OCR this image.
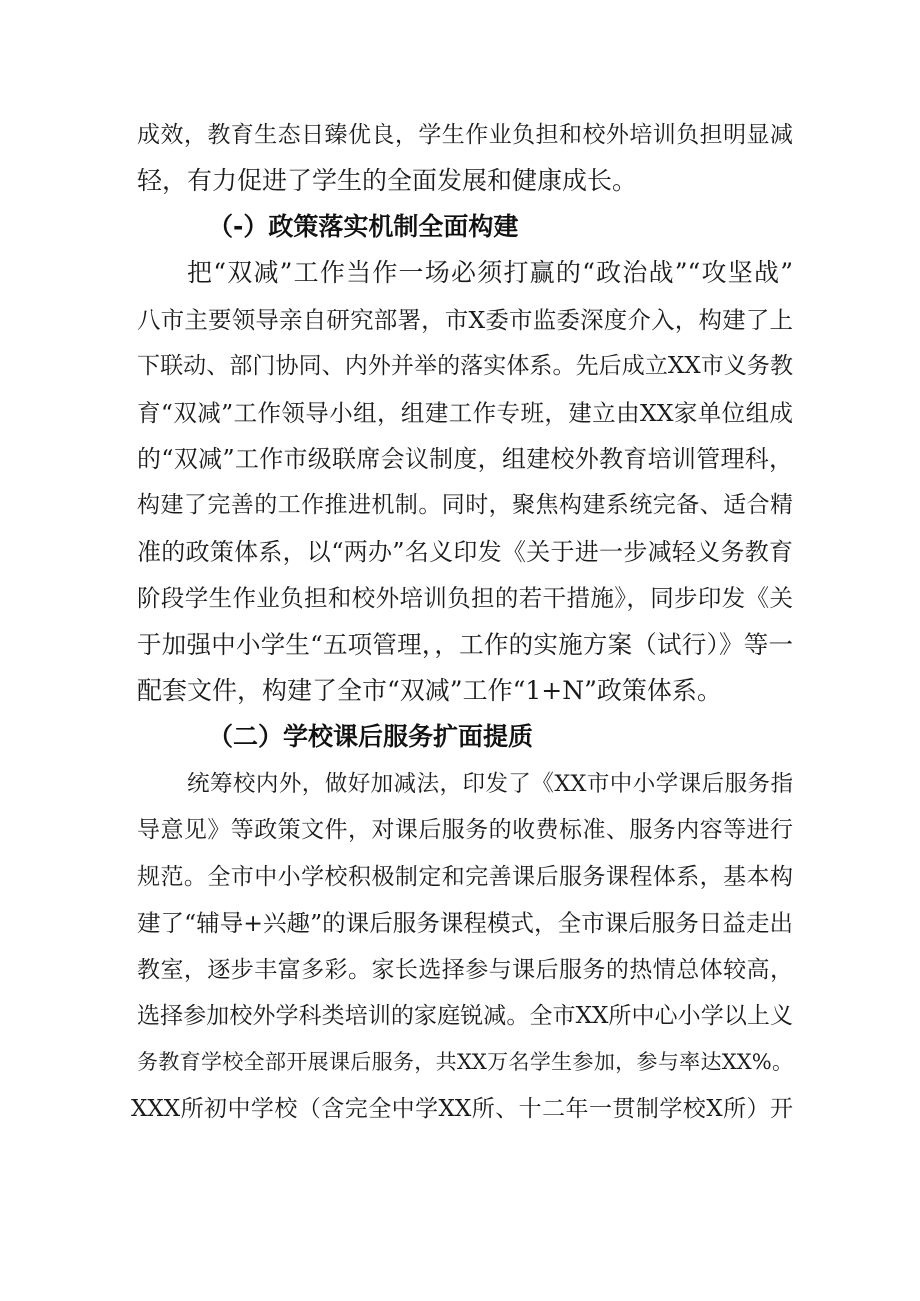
成效，教育生态日臻优良，学生作业负担和校外培训负担明显减
轻，有力促进了学生的全面发展和健康成长。
（-）政策落实机制全面构建
把“双减”工作当作一场必须打赢的“政治战”“攻坚战”
八市主要领导亲自研究部署，市X委市监委深度介入，构建了上
下联动、部门协同、内外并举的落实体系。先后成立XX市义务教
育“双减”工作领导小组，组建工作专班，建立由XX家单位组成
的“双减”工作市级联席会议制度，组建校外教育培训管理科，
构建了完善的工作推进机制。同时，聚焦构建系统完备、适合精
准的政策体系，以“两办”名义印发《关于进一步减轻义务教育
阶段学生作业负担和校外培训负担的若干措施》，同步印发《关
于加强中小学生“五项管理，，工作的实施方案（试行）》等一
配套文件，构建了全市“双减”工作“1+N”政策体系。
（二）学校课后服务扩面提质
统筹校内外，做好加减法，印发了《XX市中小学课后服务指
导意见》等政策文件，对课后服务的收费标准、服务内容等进行
规范。全市中小学校积极制定和完善课后服务课程体系，基本构
建了“辅导+兴趣”的课后服务课程模式，全市课后服务日益走出
教室，逐步丰富多彩。家长选择参与课后服务的热情总体较高，
选择参加校外学科类培训的家庭锐减。全市XX所中心小学以上义
务教育学校全部开展课后服务，共XX万名学生参加，参与率达XX%。
XXX所初中学校（含完全中学XX所、十二年一贯制学校X所）开
